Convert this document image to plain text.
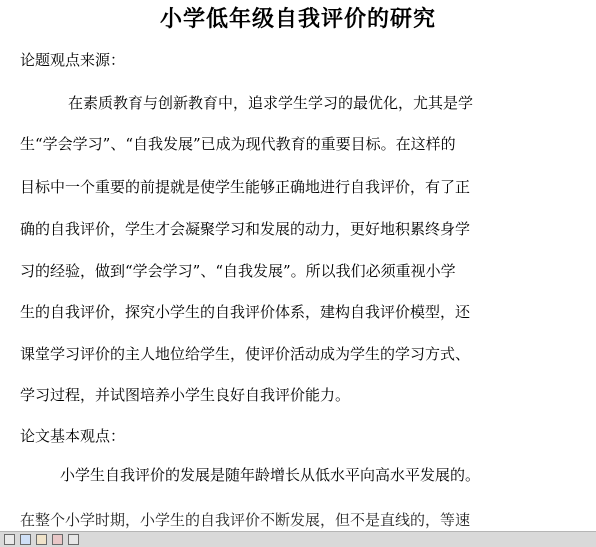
小学低年级自我评价的研究
论题观点来源：
在素质教育与创新教育中，追求学生学习的最优化，尤其是学
生“学会学习”、“自我发展”已成为现代教育的重要目标。在这样的
目标中一个重要的前提就是使学生能够正确地进行自我评价，有了正
确的自我评价，学生才会凝聚学习和发展的动力，更好地积累终身学
习的经验，做到“学会学习”、“自我发展”。所以我们必须重视小学
生的自我评价，探究小学生的自我评价体系，建构自我评价模型，还
课堂学习评价的主人地位给学生，使评价活动成为学生的学习方式、
学习过程，并试图培养小学生良好自我评价能力。
论文基本观点：
小学生自我评价的发展是随年龄增长从低水平向高水平发展的。
在整个小学时期，小学生的自我评价不断发展，但不是直线的，等速
